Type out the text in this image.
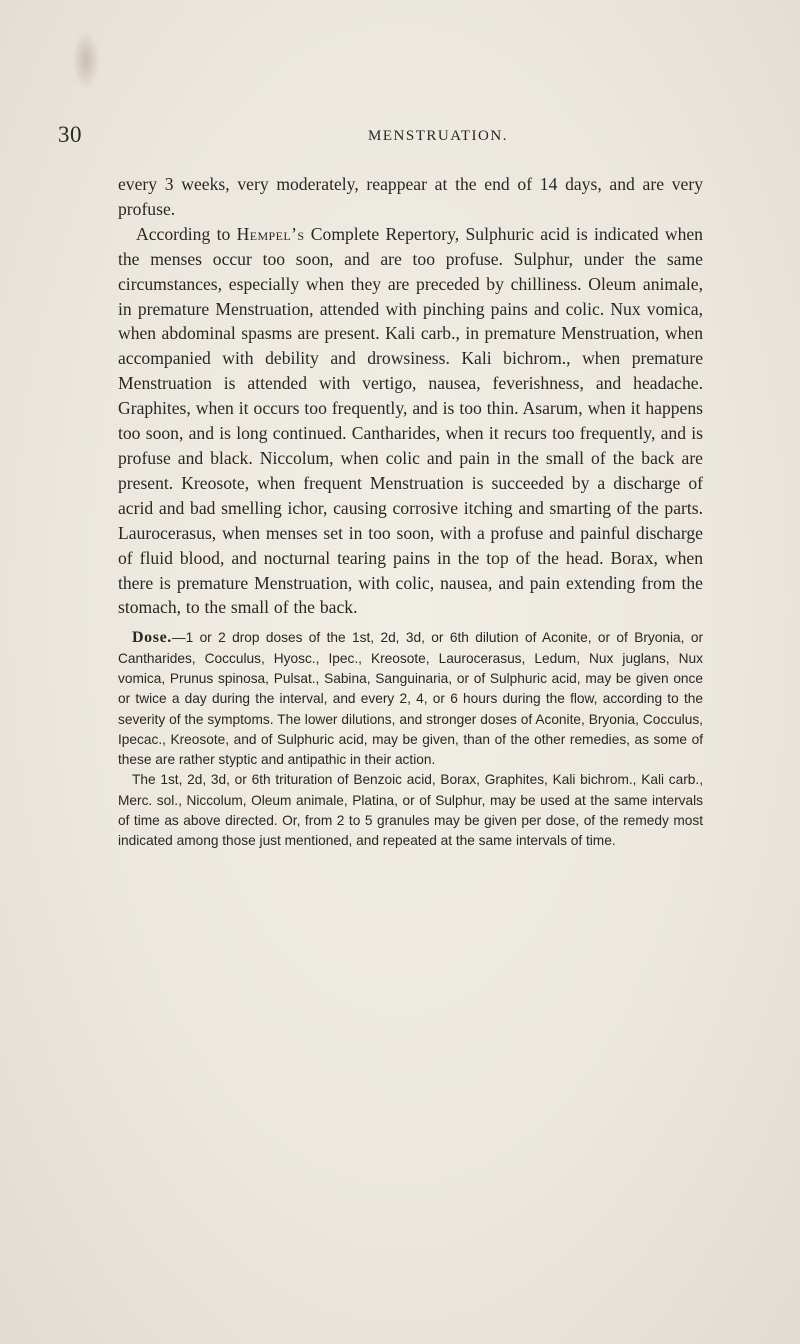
30	MENSTRUATION.

every 3 weeks, very moderately, reappear at the end of 14 days, and are very profuse.

According to Hempel’s Complete Repertory, Sulphuric acid is indicated when the menses occur too soon, and are too profuse. Sulphur, under the same circumstances, especially when they are preceded by chilliness. Oleum animale, in premature Menstruation, attended with pinching pains and colic. Nux vomica, when abdominal spasms are present. Kali carb., in premature Menstruation, when accompanied with debility and drowsiness. Kali bichrom., when premature Menstruation is attended with vertigo, nausea, feverishness, and headache. Graphites, when it occurs too frequently, and is too thin. Asarum, when it happens too soon, and is long continued. Cantharides, when it recurs too frequently, and is profuse and black. Niccolum, when colic and pain in the small of the back are present. Kreosote, when frequent Menstruation is succeeded by a discharge of acrid and bad smelling ichor, causing corrosive itching and smarting of the parts. Laurocerasus, when menses set in too soon, with a profuse and painful discharge of fluid blood, and nocturnal tearing pains in the top of the head. Borax, when there is premature Menstruation, with colic, nausea, and pain extending from the stomach, to the small of the back.

Dose.—1 or 2 drop doses of the 1st, 2d, 3d, or 6th dilution of Aconite, or of Bryonia, or Cantharides, Cocculus, Hyosc., Ipec., Kreosote, Laurocerasus, Ledum, Nux juglans, Nux vomica, Prunus spinosa, Pulsat., Sabina, Sanguinaria, or of Sulphuric acid, may be given once or twice a day during the interval, and every 2, 4, or 6 hours during the flow, according to the severity of the symptoms. The lower dilutions, and stronger doses of Aconite, Bryonia, Cocculus, Ipecac., Kreosote, and of Sulphuric acid, may be given, than of the other remedies, as some of these are rather styptic and antipathic in their action.

The 1st, 2d, 3d, or 6th trituration of Benzoic acid, Borax, Graphites, Kali bichrom., Kali carb., Merc. sol., Niccolum, Oleum animale, Platina, or of Sulphur, may be used at the same intervals of time as above directed. Or, from 2 to 5 granules may be given per dose, of the remedy most indicated among those just mentioned, and repeated at the same intervals of time.
